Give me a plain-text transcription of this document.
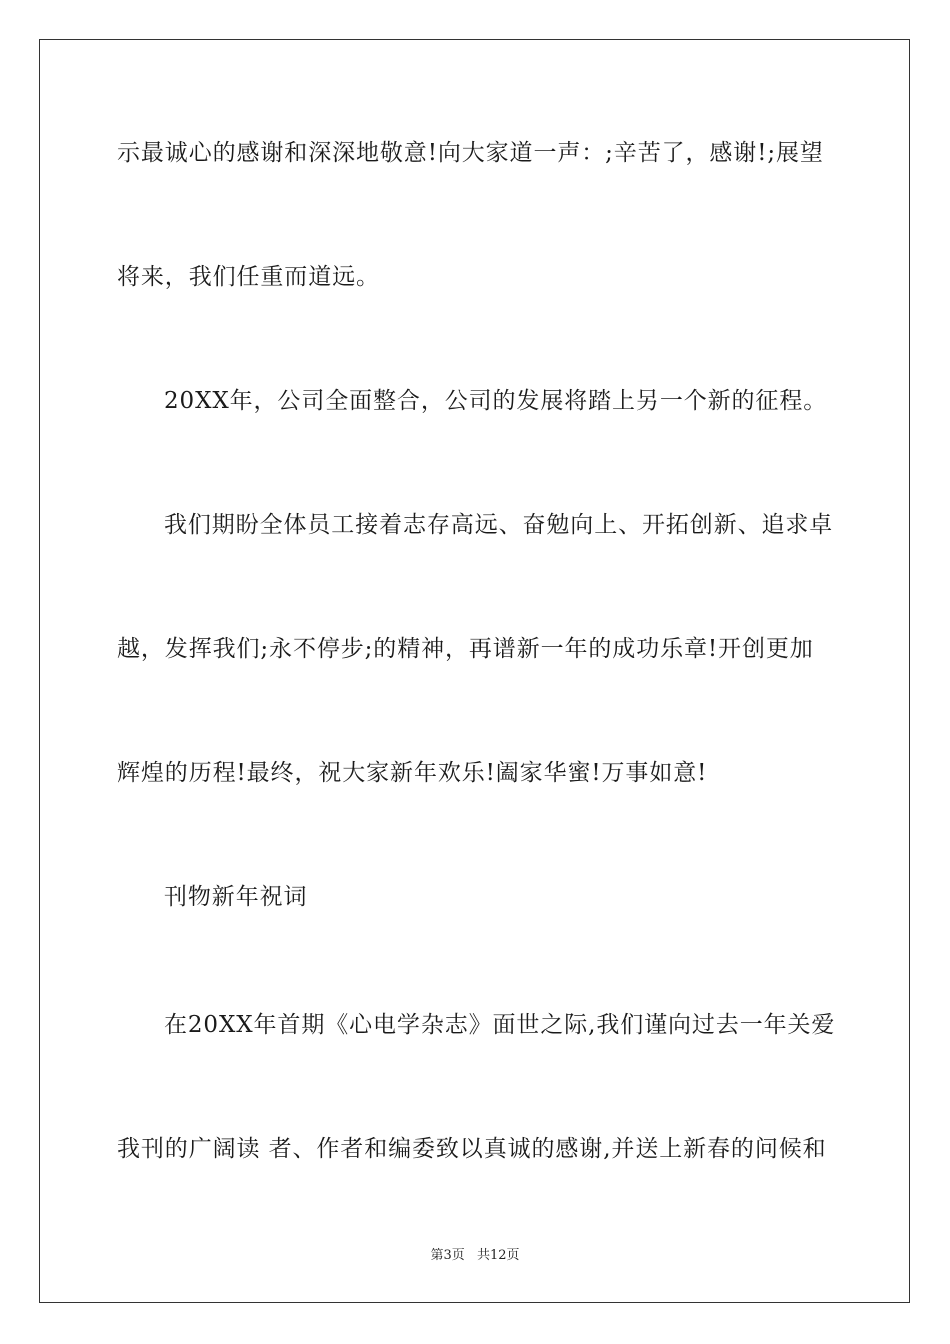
示最诚心的感谢和深深地敬意!向大家道一声：;辛苦了，感谢!;展望
将来，我们任重而道远。
20XX年，公司全面整合，公司的发展将踏上另一个新的征程。
我们期盼全体员工接着志存高远、奋勉向上、开拓创新、追求卓
越，发挥我们;永不停步;的精神，再谱新一年的成功乐章!开创更加
辉煌的历程!最终，祝大家新年欢乐!阖家华蜜!万事如意!
刊物新年祝词
在20XX年首期《心电学杂志》面世之际,我们谨向过去一年关爱
我刊的广阔读 者、作者和编委致以真诚的感谢,并送上新春的问候和
第3页 共12页
